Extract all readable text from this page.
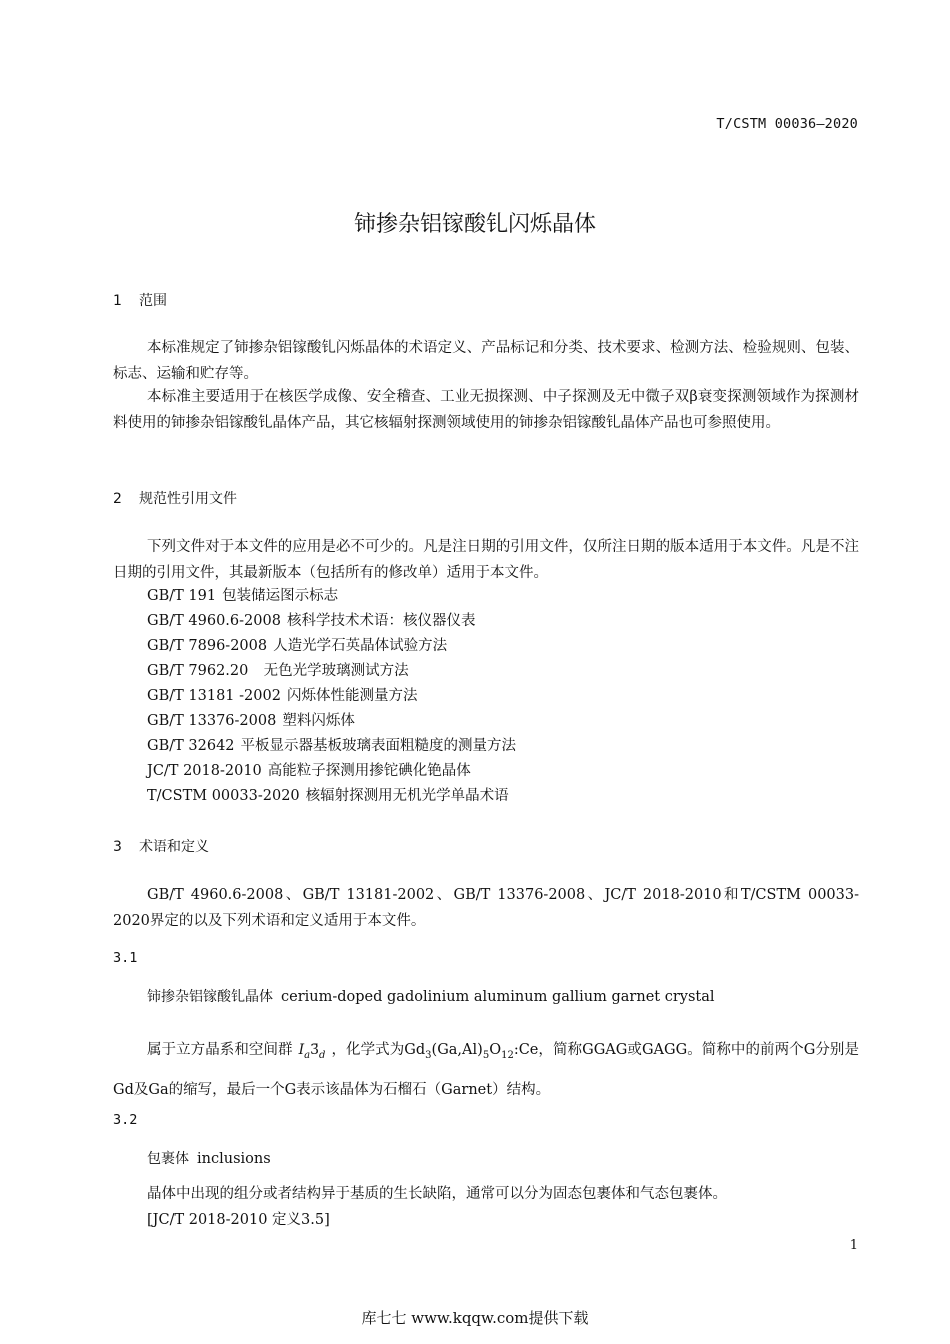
T/CSTM 00036—2020
铈掺杂铝镓酸钆闪烁晶体
1 范围
本标准规定了铈掺杂铝镓酸钆闪烁晶体的术语定义、产品标记和分类、技术要求、检测方法、检验规则、包装、标志、运输和贮存等。
本标准主要适用于在核医学成像、安全稽查、工业无损探测、中子探测及无中微子双β衰变探测领域作为探测材料使用的铈掺杂铝镓酸钆晶体产品，其它核辐射探测领域使用的铈掺杂铝镓酸钆晶体产品也可参照使用。
2 规范性引用文件
下列文件对于本文件的应用是必不可少的。凡是注日期的引用文件，仅所注日期的版本适用于本文件。凡是不注日期的引用文件，其最新版本（包括所有的修改单）适用于本文件。
GB/T 191 包装储运图示标志
GB/T 4960.6-2008 核科学技术术语：核仪器仪表
GB/T 7896-2008 人造光学石英晶体试验方法
GB/T 7962.20  无色光学玻璃测试方法
GB/T 13181 -2002 闪烁体性能测量方法
GB/T 13376-2008 塑料闪烁体
GB/T 32642 平板显示器基板玻璃表面粗糙度的测量方法
JC/T 2018-2010 高能粒子探测用掺铊碘化铯晶体
T/CSTM 00033-2020 核辐射探测用无机光学单晶术语
3 术语和定义
GB/T 4960.6-2008、GB/T 13181-2002、GB/T 13376-2008、JC/T 2018-2010和T/CSTM 00033-2020界定的以及下列术语和定义适用于本文件。
3.1
铈掺杂铝镓酸钆晶体 cerium-doped gadolinium aluminum gallium garnet crystal
属于立方晶系和空间群 $I_a3̄_d$ ，化学式为$Gd_3(Ga,Al)_5O_{12}:Ce$，简称GGAG或GAGG。简称中的前两个G分别是Gd及Ga的缩写，最后一个G表示该晶体为石榴石（Garnet）结构。
3.2
包裹体 inclusions
晶体中出现的组分或者结构异于基质的生长缺陷，通常可以分为固态包裹体和气态包裹体。
[JC/T 2018-2010 定义3.5]
1
库七七 www.kqqw.com提供下载
